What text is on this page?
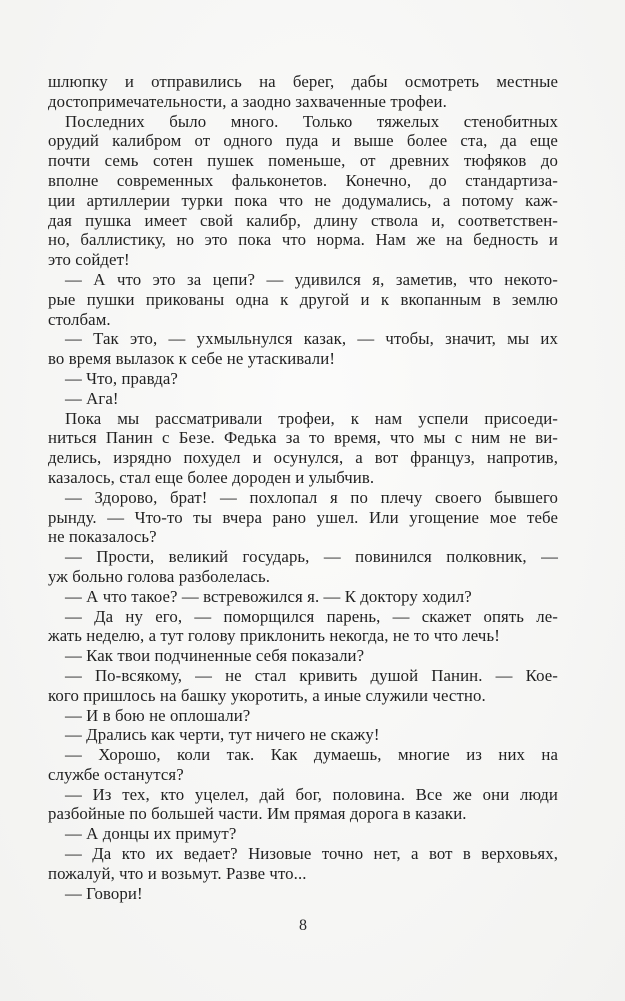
шлюпку и отправились на берег, дабы осмотреть местные
достопримечательности, а заодно захваченные трофеи.
Последних было много. Только тяжелых стенобитных
орудий калибром от одного пуда и выше более ста, да еще
почти семь сотен пушек поменьше, от древних тюфяков до
вполне современных фальконетов. Конечно, до стандартиза-
ции артиллерии турки пока что не додумались, а потому каж-
дая пушка имеет свой калибр, длину ствола и, соответствен-
но, баллистику, но это пока что норма. Нам же на бедность и
это сойдет!
— А что это за цепи? — удивился я, заметив, что некото-
рые пушки прикованы одна к другой и к вкопанным в землю
столбам.
— Так это, — ухмыльнулся казак, — чтобы, значит, мы их
во время вылазок к себе не утаскивали!
— Что, правда?
— Ага!
Пока мы рассматривали трофеи, к нам успели присоеди-
ниться Панин с Безе. Федька за то время, что мы с ним не ви-
делись, изрядно похудел и осунулся, а вот француз, напротив,
казалось, стал еще более дороден и улыбчив.
— Здорово, брат! — похлопал я по плечу своего бывшего
рынду. — Что-то ты вчера рано ушел. Или угощение мое тебе
не показалось?
— Прости, великий государь, — повинился полковник, —
уж больно голова разболелась.
— А что такое? — встревожился я. — К доктору ходил?
— Да ну его, — поморщился парень, — скажет опять ле-
жать неделю, а тут голову приклонить некогда, не то что лечь!
— Как твои подчиненные себя показали?
— По-всякому, — не стал кривить душой Панин. — Кое-
кого пришлось на башку укоротить, а иные служили честно.
— И в бою не оплошали?
— Дрались как черти, тут ничего не скажу!
— Хорошо, коли так. Как думаешь, многие из них на
службе останутся?
— Из тех, кто уцелел, дай бог, половина. Все же они люди
разбойные по большей части. Им прямая дорога в казаки.
— А донцы их примут?
— Да кто их ведает? Низовые точно нет, а вот в верховьях,
пожалуй, что и возьмут. Разве что...
— Говори!
8
